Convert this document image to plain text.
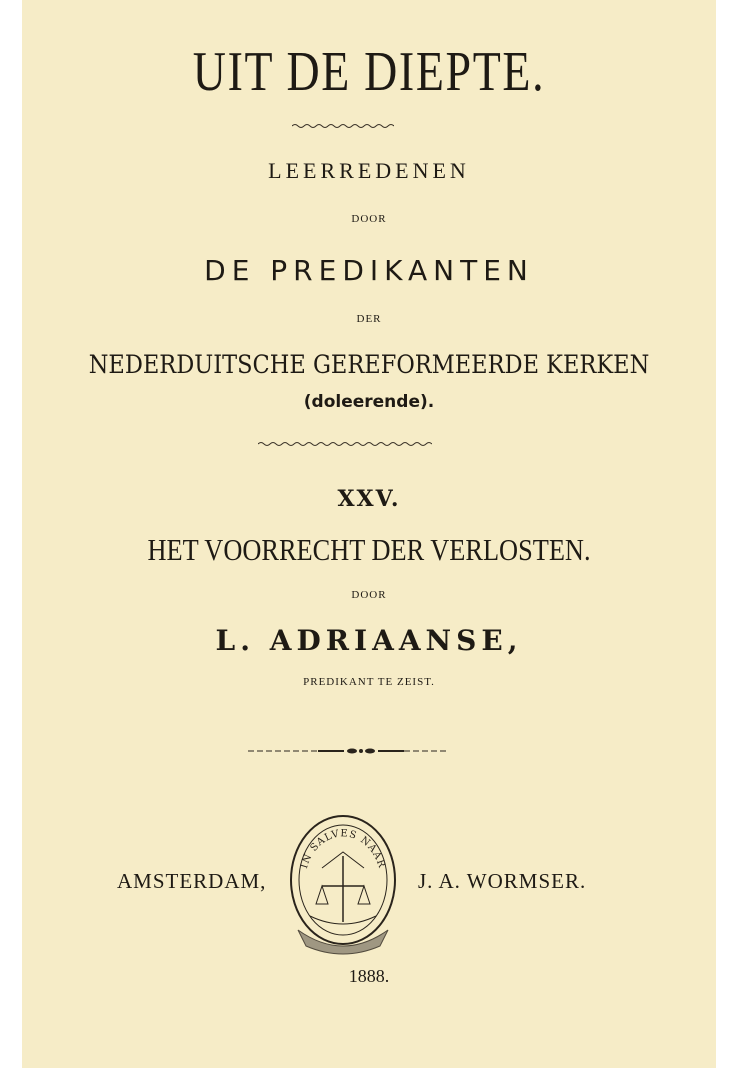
UIT DE DIEPTE.
LEERREDENEN
DOOR
DE PREDIKANTEN
DER
NEDERDUITSCHE GEREFORMEERDE KERKEN
(doleerende).
XXV.
HET VOORRECHT DER VERLOSTEN.
DOOR
L. ADRIAANSE,
PREDIKANT TE ZEIST.
AMSTERDAM,
IN SALVES NAAR
J. A. WORMSER.
1888.
